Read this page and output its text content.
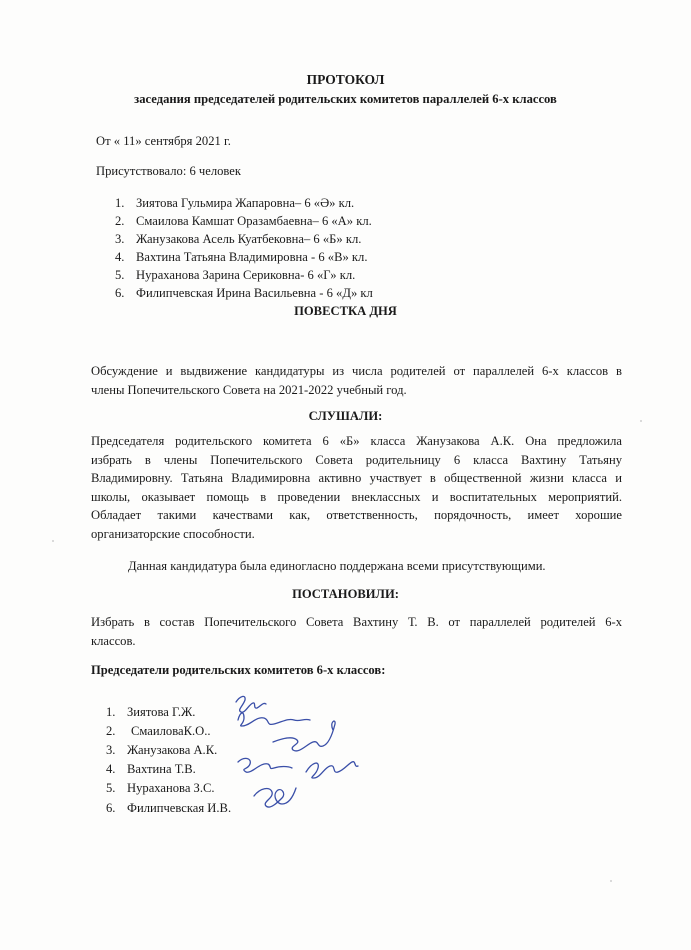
ПРОТОКОЛ
заседания председателей родительских комитетов параллелей 6-х классов
От « 11» сентября 2021 г.
Присутствовало: 6 человек
1. Зиятова Гульмира Жапаровна– 6 «Ә» кл.
2. Смаилова Камшат Оразамбаевна– 6 «А» кл.
3. Жанузакова Асель Куатбековна– 6 «Б» кл.
4. Вахтина Татьяна Владимировна - 6 «В» кл.
5. Нураханова Зарина Сериковна- 6 «Г» кл.
6. Филипчевская Ирина Васильевна - 6 «Д» кл
ПОВЕСТКА ДНЯ
Обсуждение и выдвижение кандидатуры из числа родителей от параллелей 6-х классов в
члены Попечительского Совета на 2021-2022 учебный год.
СЛУШАЛИ:
Председателя родительского комитета 6 «Б» класса Жанузакова А.К. Она предложила
избрать в члены Попечительского Совета родительницу 6 класса Вахтину Татьяну
Владимировну. Татьяна Владимировна активно участвует в общественной жизни класса и
школы, оказывает помощь в проведении внеклассных и воспитательных мероприятий.
Обладает такими качествами как, ответственность, порядочность, имеет хорошие
организаторские способности.
Данная кандидатура была единогласно поддержана всеми присутствующими.
ПОСТАНОВИЛИ:
Избрать в состав Попечительского Совета Вахтину Т. В. от параллелей родителей 6-х
классов.
Председатели родительских комитетов 6-х классов:
1. Зиятова Г.Ж.
2. СмаиловаК.О..
3. Жанузакова А.К.
4. Вахтина Т.В.
5. Нураханова З.С.
6. Филипчевская И.В.
